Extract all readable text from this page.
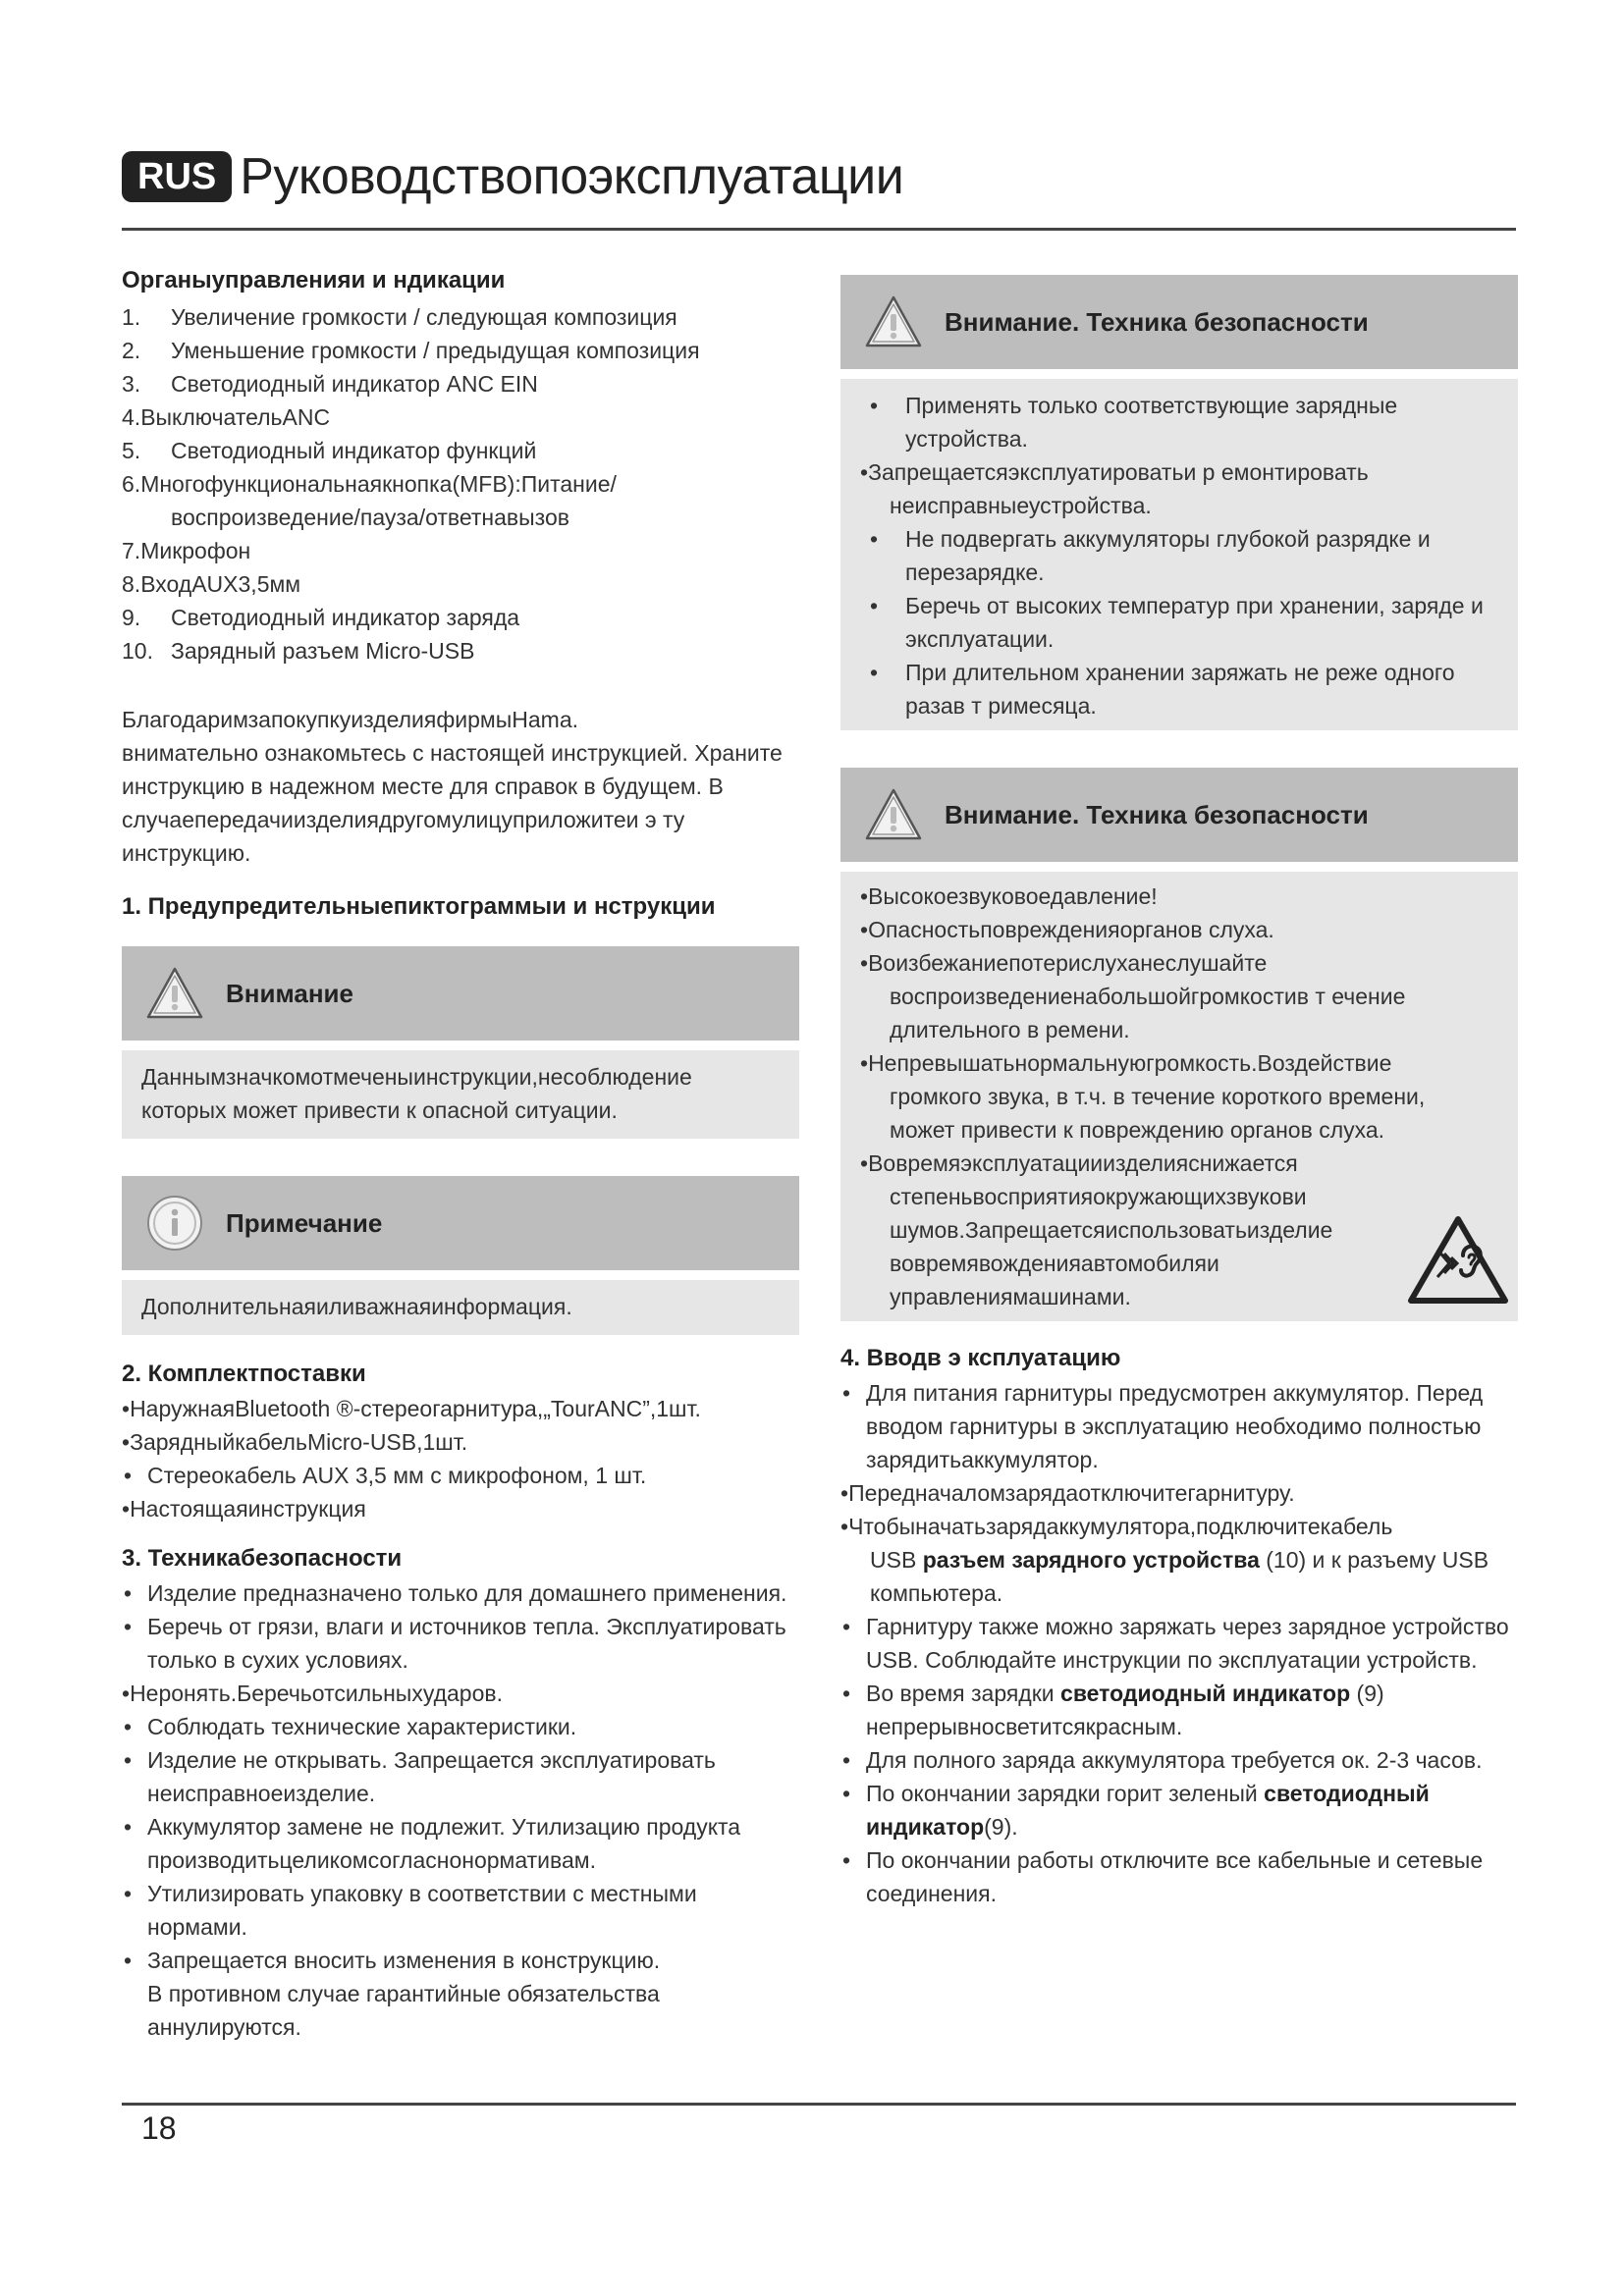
RUS Руководствопоэксплуатации
Органыуправленияи и ндикации
1. Увеличение громкости / следующая композиция
2. Уменьшение громкости / предыдущая композиция
3. Светодиодный индикатор ANC EIN
4.ВыключательANC
5. Светодиодный индикатор функций
6.Многофункциональнаякнопка(MFB):Питание/
воспроизведение/пауза/ответнавызов
7.Микрофон
8.ВходAUX3,5мм
9. Светодиодный индикатор заряда
10. Зарядный разъем Micro-USB

БлагодаримзапокупкуизделияфирмыHama.

внимательно ознакомьтесь с настоящей инструкцией. Храните

инструкцию в надежном месте для справок в будущем. В

случаепередачиизделиядругомулицуприложитеи э ту

инструкцию.

1. Предупредительныепиктограммыи и нструкции
Внимание
Даннымзначкомотмеченыинструкции,несоблюдение
которых может привести к опасной ситуации.
Примечание
Дополнительнаяиливажнаяинформация.
2. Комплектпоставки
•НаружнаяBluetooth ®-стереогарнитура,„TourANC”,1шт.
•ЗарядныйкабельMicro-USB,1шт.
• Стереокабель AUX 3,5 мм с микрофоном, 1 шт.
•Настоящаяинструкция
3. Техникабезопасности
• Изделие предназначено только для домашнего применения.
• Беречь от грязи, влаги и источников тепла. Эксплуатировать
только в сухих условиях.
•Неронять.Беречьотсильныхударов.
• Соблюдать технические характеристики.
• Изделие не открывать. Запрещается эксплуатировать
неисправноеизделие.
• Аккумулятор замене не подлежит. Утилизацию продукта
производитьцеликомсогласнонормативам.
• Утилизировать упаковку в соответствии с местными нормами.
• Запрещается вносить изменения в конструкцию.
В противном случае гарантийные обязательства аннулируются.
Внимание. Техника безопасности
• Применять только соответствующие зарядные
устройства.
•Запрещаетсяэксплуатироватьи р емонтировать
неисправныеустройства.
• Не подвергать аккумуляторы глубокой разрядке и
перезарядке.
• Беречь от высоких температур при хранении, заряде и
эксплуатации.
• При длительном хранении заряжать не реже одного
разав т римесяца.
Внимание. Техника безопасности
•Высокоезвуковоедавление!
•Опасностьповрежденияорганов слуха.
•Воизбежаниепотерислуханеслушайте
воспроизведениенабольшойгромкостив т ечение
длительного в ремени.
•Непревышатьнормальнуюгромкость.Воздействие
громкого звука, в т.ч. в течение короткого времени,
может привести к повреждению органов слуха.
•Вовремяэксплуатацииизделияснижается
степеньвосприятияокружающихзвукови
шумов.Запрещаетсяиспользоватьизделие
вовремявожденияавтомобиляи
управлениямашинами.
4. Вводв э ксплуатацию
• Для питания гарнитуры предусмотрен аккумулятор. Перед
вводом гарнитуры в эксплуатацию необходимо полностью
зарядитьаккумулятор.
•Передначаломзарядаотключитегарнитуру.
•Чтобыначатьзарядаккумулятора,подключитекабель
USB разъем зарядного устройства (10) и к разъему USB
компьютера.
• Гарнитуру также можно заряжать через зарядное устройство
USB. Соблюдайте инструкции по эксплуатации устройств.
• Во время зарядки светодиодный индикатор (9)
непрерывносветитсякрасным.
• Для полного заряда аккумулятора требуется ок. 2-3 часов.
• По окончании зарядки горит зеленый светодиодный
индикатор(9).
• По окончании работы отключите все кабельные и сетевые
соединения.
18
